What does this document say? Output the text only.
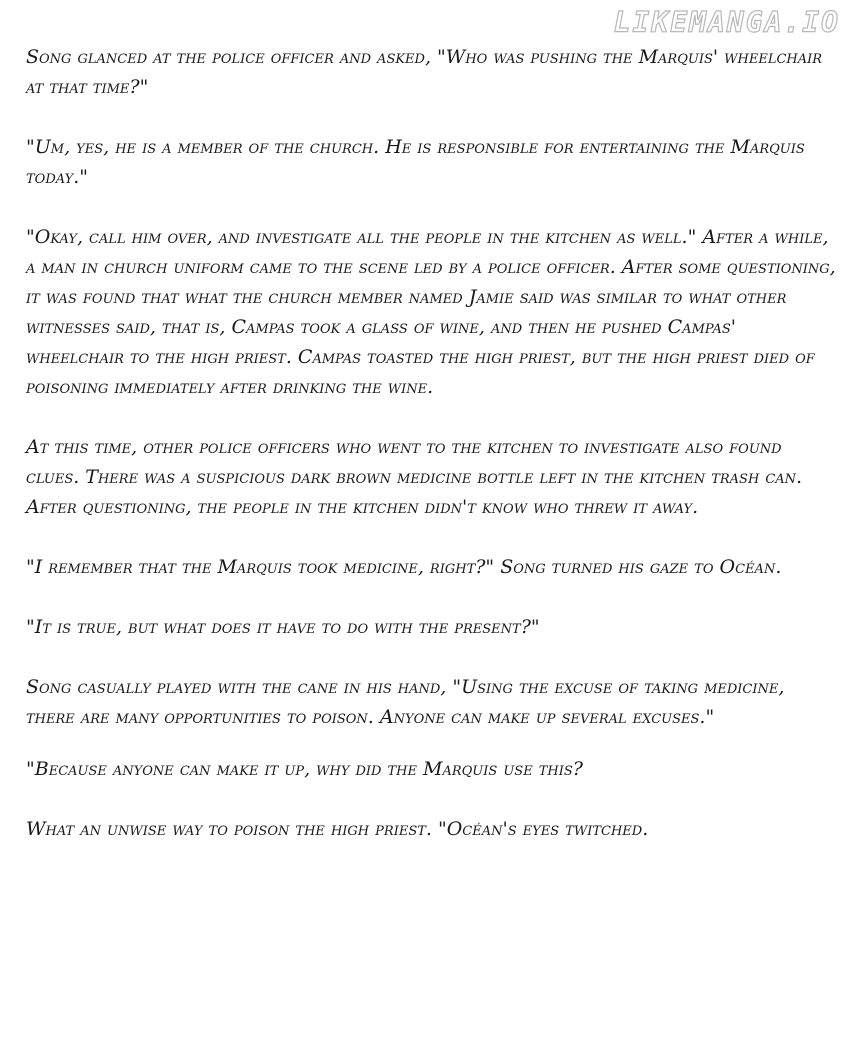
LIKEMANGA.IO

Song glanced at the police officer and asked, "Who was pushing the Marquis' wheelchair at that time?"

"Um, yes, he is a member of the church. He is responsible for entertaining the Marquis today."

"Okay, call him over, and investigate all the people in the kitchen as well." After a while, a man in church uniform came to the scene led by a police officer. After some questioning, it was found that what the church member named Jamie said was similar to what other witnesses said, that is, Campas took a glass of wine, and then he pushed Campas' wheelchair to the high priest. Campas toasted the high priest, but the high priest died of poisoning immediately after drinking the wine.

At this time, other police officers who went to the kitchen to investigate also found clues. There was a suspicious dark brown medicine bottle left in the kitchen trash can. After questioning, the people in the kitchen didn't know who threw it away.

"I remember that the Marquis took medicine, right?" Song turned his gaze to Océan.

"It is true, but what does it have to do with the present?"

Song casually played with the cane in his hand, "Using the excuse of taking medicine, there are many opportunities to poison. Anyone can make up several excuses."

"Because anyone can make it up, why did the Marquis use this?

What an unwise way to poison the high priest. "Océan's eyes twitched.
